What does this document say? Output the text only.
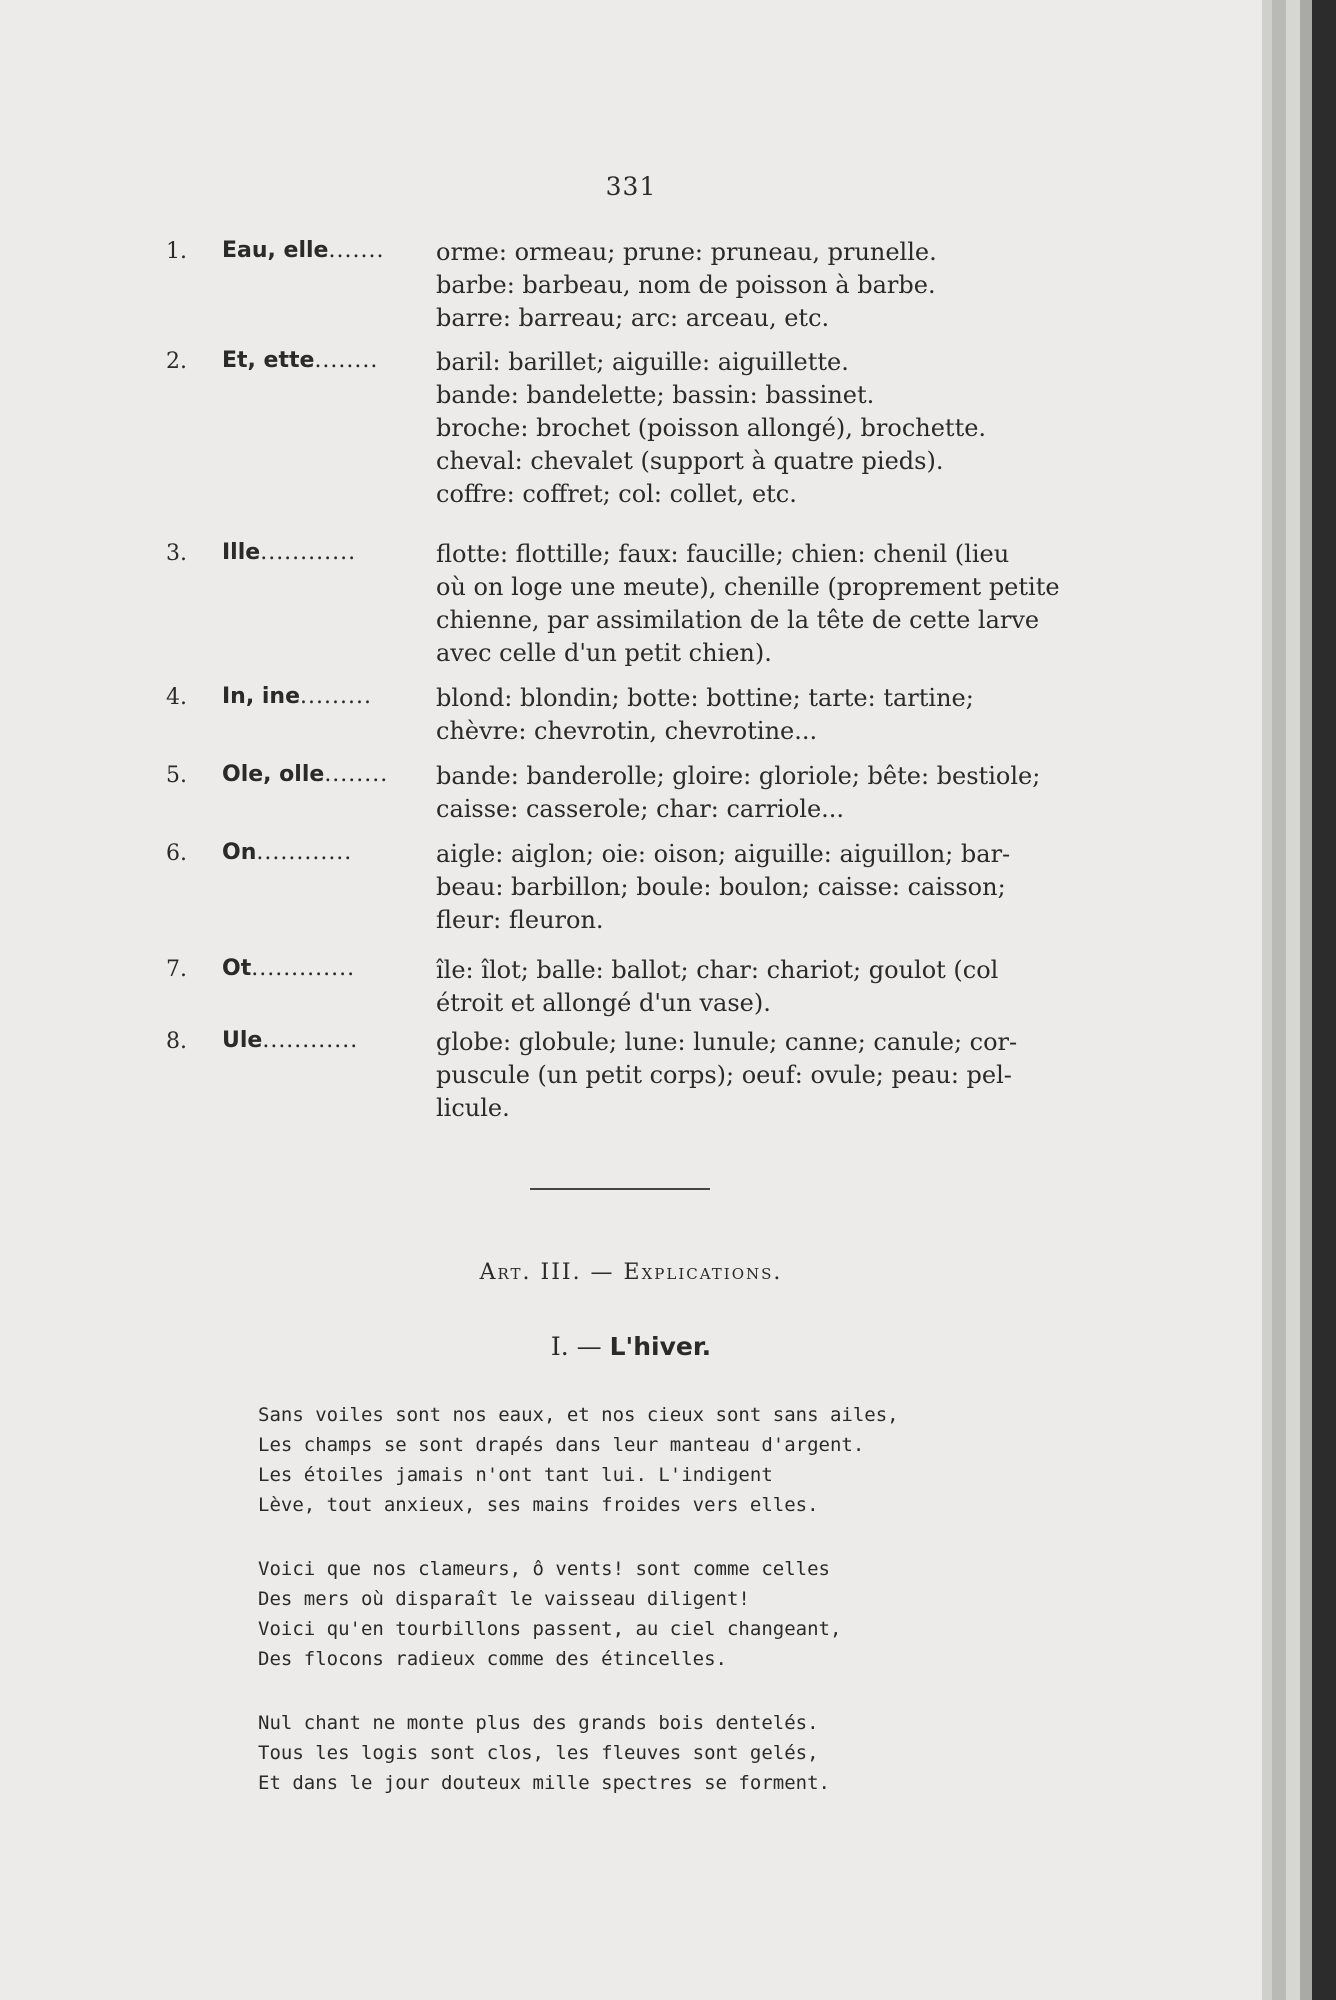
331
1.	Eau, elle.......	orme: ormeau; prune: pruneau, prunelle.
barbe: barbeau, nom de poisson à barbe.
barre: barreau; arc: arceau, etc.
2.	Et, ette........	baril: barillet; aiguille: aiguillette.
bande: bandelette; bassin: bassinet.
broche: brochet (poisson allongé), brochette.
cheval: chevalet (support à quatre pieds).
coffre: coffret; col: collet, etc.
3.	Ille............	flotte: flottille; faux: faucille; chien: chenil (lieu
où on loge une meute), chenille (proprement petite
chienne, par assimilation de la tête de cette larve
avec celle d'un petit chien).
4.	In, ine.........	blond: blondin; botte: bottine; tarte: tartine;
chèvre: chevrotin, chevrotine...
5.	Ole, olle........	bande: banderolle; gloire: gloriole; bête: bestiole;
caisse: casserole; char: carriole...
6.	On............	aigle: aiglon; oie: oison; aiguille: aiguillon; bar-
beau: barbillon; boule: boulon; caisse: caisson;
fleur: fleuron.
7.	Ot.............	île: îlot; balle: ballot; char: chariot; goulot (col
étroit et allongé d'un vase).
8.	Ule............	globe: globule; lune: lunule; canne; canule; cor-
puscule (un petit corps); oeuf: ovule; peau: pel-
licule.
Art. III. — Explications.
I. — L'hiver.
Sans voiles sont nos eaux, et nos cieux sont sans ailes,
Les champs se sont drapés dans leur manteau d'argent.
Les étoiles jamais n'ont tant lui. L'indigent
Lève, tout anxieux, ses mains froides vers elles.
Voici que nos clameurs, ô vents! sont comme celles
Des mers où disparaît le vaisseau diligent!
Voici qu'en tourbillons passent, au ciel changeant,
Des flocons radieux comme des étincelles.
Nul chant ne monte plus des grands bois dentelés.
Tous les logis sont clos, les fleuves sont gelés,
Et dans le jour douteux mille spectres se forment.
